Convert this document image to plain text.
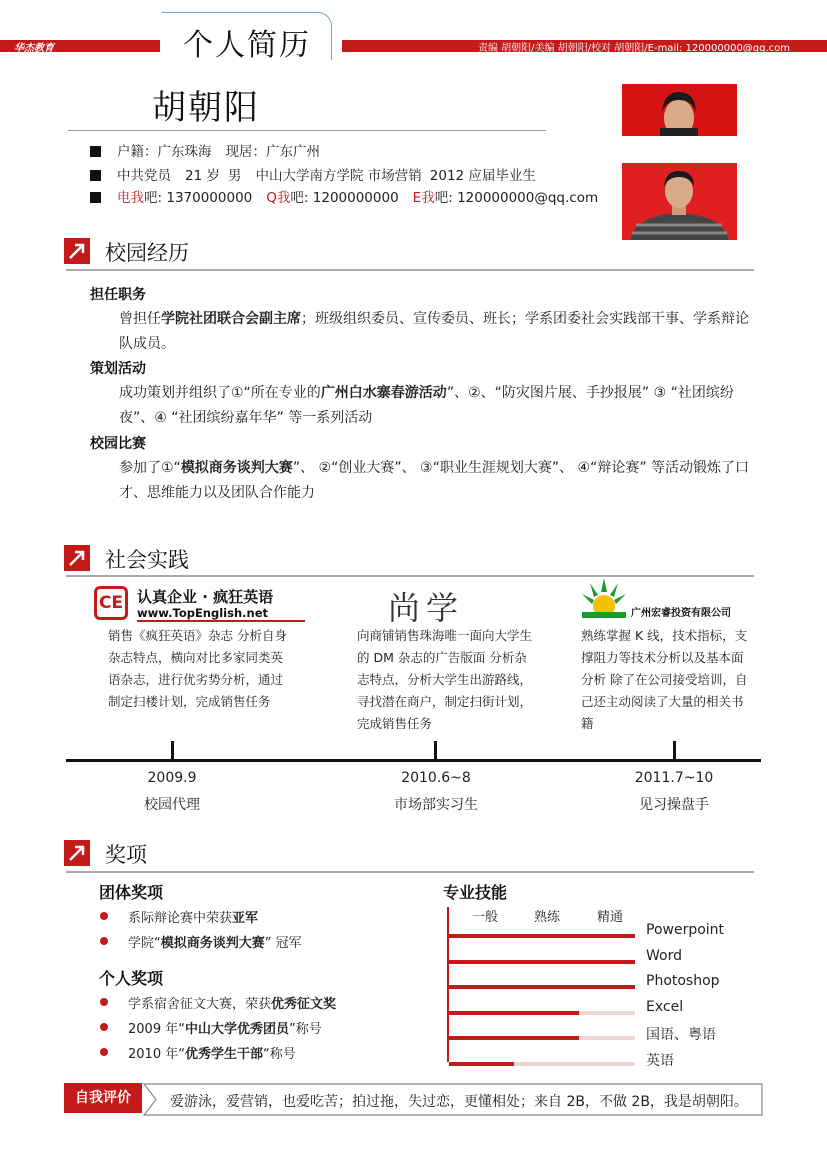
华杰教育	责编 胡朝阳/美编 胡朝阳/校对 胡朝阳/E-mail: 120000000@qq.com
个人简历
胡朝阳
户籍：广东珠海 现居：广东广州
中共党员 21 岁 男 中山大学南方学院 市场营销 2012 应届毕业生
电我吧: 1370000000 Q我吧: 1200000000 E我吧: 120000000@qq.com
校园经历
担任职务
曾担任学院社团联合会副主席；班级组织委员、宣传委员、班长；学系团委社会实践部干事、学系辩论队成员。
策划活动
成功策划并组织了①“所在专业的广州白水寨春游活动”、②、“防灾图片展、手抄报展” ③ “社团缤纷夜”、④ “社团缤纷嘉年华” 等一系列活动
校园比赛
参加了①“模拟商务谈判大赛”、 ②“创业大赛”、 ③“职业生涯规划大赛”、 ④“辩论赛” 等活动锻炼了口才、思维能力以及团队合作能力
社会实践
CE 认真企业 · 疯狂英语
www.TopEnglish.net	尚学	广州宏睿投资有限公司
销售《疯狂英语》杂志 分析自身杂志特点，横向对比多家同类英语杂志，进行优劣势分析，通过制定扫楼计划，完成销售任务
向商铺销售珠海唯一面向大学生的 DM 杂志的广告版面 分析杂志特点，分析大学生出游路线，寻找潜在商户，制定扫街计划，完成销售任务
熟练掌握 K 线，技术指标，支撑阻力等技术分析以及基本面分析 除了在公司接受培训，自己还主动阅读了大量的相关书籍
2009.9
校园代理
2010.6~8
市场部实习生
2011.7~10
见习操盘手
奖项
团体奖项
系际辩论赛中荣获亚军
学院“模拟商务谈判大赛” 冠军
个人奖项
学系宿舍征文大赛，荣获优秀征文奖
2009 年“中山大学优秀团员”称号
2010 年“优秀学生干部“称号
专业技能
一般	熟练	精通
Powerpoint
Word
Photoshop
Excel
国语、粤语
英语
自我评价	爱游泳，爱营销，也爱吃苦；拍过拖，失过恋，更懂相处；来自 2B，不做 2B，我是胡朝阳。
